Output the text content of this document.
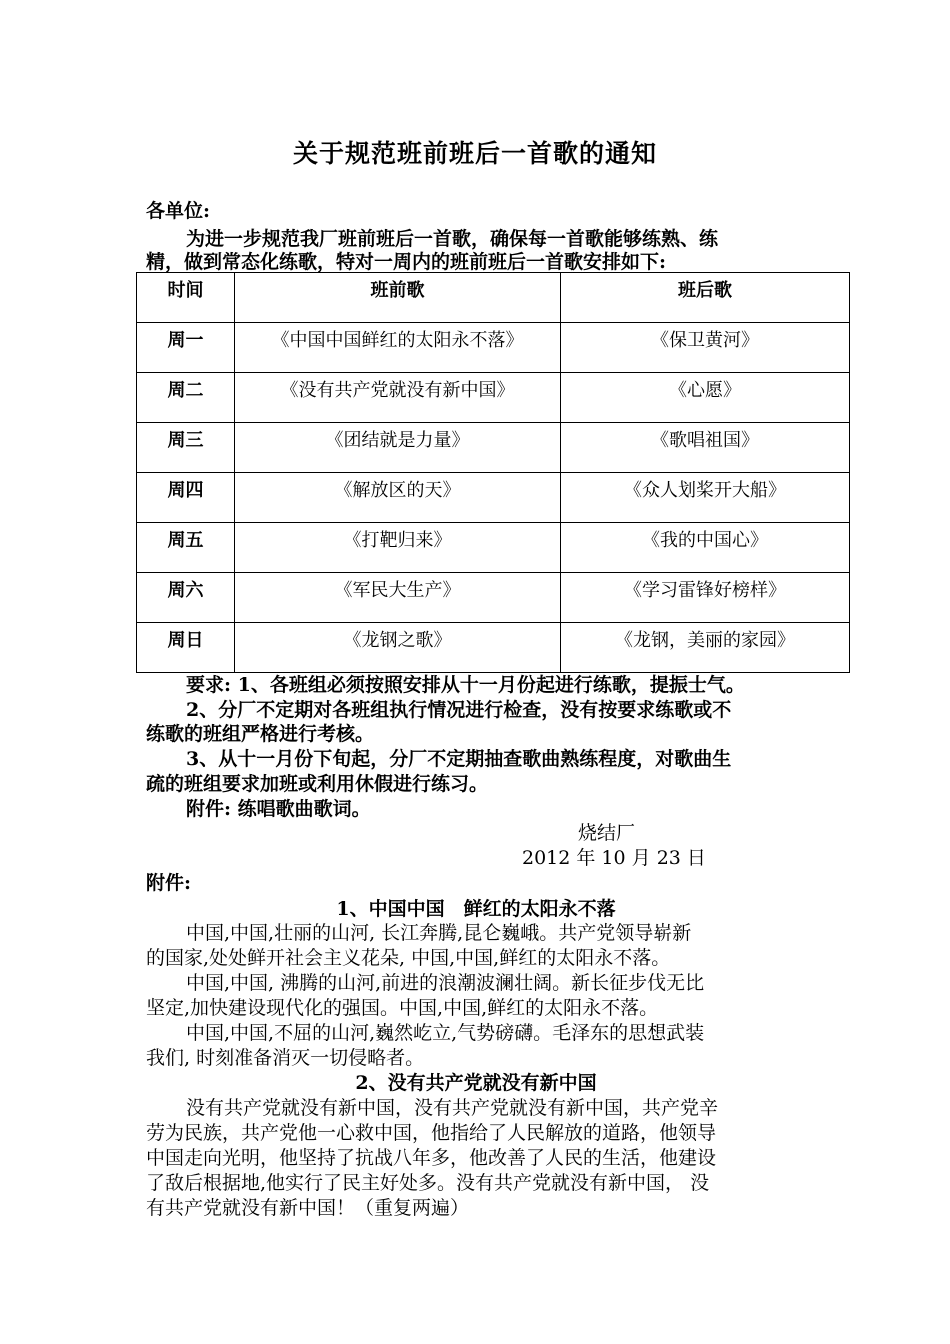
关于规范班前班后一首歌的通知
各单位:
为进一步规范我厂班前班后一首歌，确保每一首歌能够练熟、练
精，做到常态化练歌，特对一周内的班前班后一首歌安排如下:
时间	班前歌	班后歌
周一	《中国中国鲜红的太阳永不落》	《保卫黄河》
周二	《没有共产党就没有新中国》	《心愿》
周三	《团结就是力量》	《歌唱祖国》
周四	《解放区的天》	《众人划桨开大船》
周五	《打靶归来》	《我的中国心》
周六	《军民大生产》	《学习雷锋好榜样》
周日	《龙钢之歌》	《龙钢，美丽的家园》
要求: 1、各班组必须按照安排从十一月份起进行练歌，提振士气。
2、分厂不定期对各班组执行情况进行检查，没有按要求练歌或不
练歌的班组严格进行考核。
3、从十一月份下旬起，分厂不定期抽查歌曲熟练程度，对歌曲生
疏的班组要求加班或利用休假进行练习。
附件: 练唱歌曲歌词。
烧结厂
2012 年 10 月 23 日
附件:
1、中国中国　鲜红的太阳永不落
中国,中国,壮丽的山河, 长江奔腾,昆仑巍峨。共产党领导崭新
的国家,处处鲜开社会主义花朵, 中国,中国,鲜红的太阳永不落。
中国,中国, 沸腾的山河,前进的浪潮波澜壮阔。新长征步伐无比
坚定,加快建设现代化的强国。中国,中国,鲜红的太阳永不落。
中国,中国,不屈的山河,巍然屹立,气势磅礴。毛泽东的思想武装
我们, 时刻准备消灭一切侵略者。
2、没有共产党就没有新中国
没有共产党就没有新中国，没有共产党就没有新中国，共产党辛
劳为民族，共产党他一心救中国，他指给了人民解放的道路，他领导
中国走向光明，他坚持了抗战八年多，他改善了人民的生活，他建设
了敌后根据地,他实行了民主好处多。没有共产党就没有新中国， 没
有共产党就没有新中国！（重复两遍）
